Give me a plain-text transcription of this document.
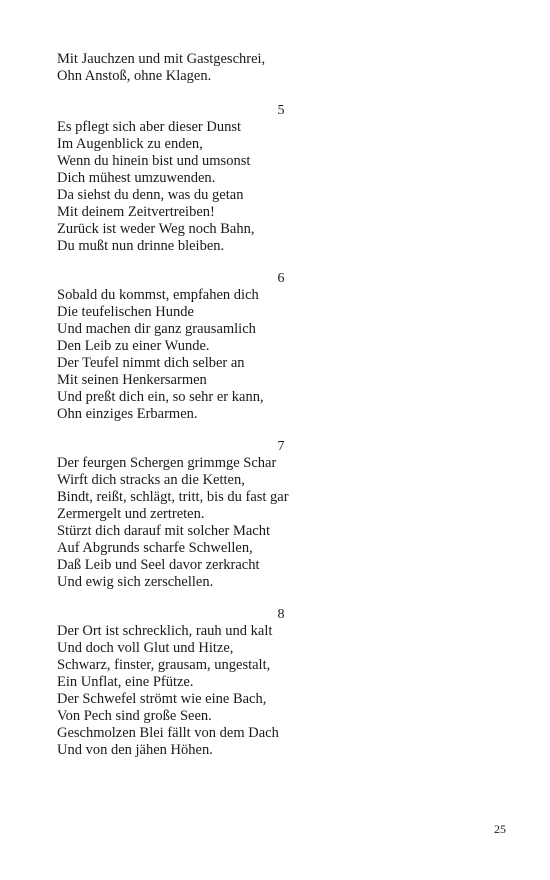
Mit Jauchzen und mit Gastgeschrei,
Ohn Anstoß, ohne Klagen.
5
Es pflegt sich aber dieser Dunst
Im Augenblick zu enden,
Wenn du hinein bist und umsonst
Dich mühest umzuwenden.
Da siehst du denn, was du getan
Mit deinem Zeitvertreiben!
Zurück ist weder Weg noch Bahn,
Du mußt nun drinne bleiben.
6
Sobald du kommst, empfahen dich
Die teufelischen Hunde
Und machen dir ganz grausamlich
Den Leib zu einer Wunde.
Der Teufel nimmt dich selber an
Mit seinen Henkersarmen
Und preßt dich ein, so sehr er kann,
Ohn einziges Erbarmen.
7
Der feurgen Schergen grimmge Schar
Wirft dich stracks an die Ketten,
Bindt, reißt, schlägt, tritt, bis du fast gar
Zermergelt und zertreten.
Stürzt dich darauf mit solcher Macht
Auf Abgrunds scharfe Schwellen,
Daß Leib und Seel davor zerkracht
Und ewig sich zerschellen.
8
Der Ort ist schrecklich, rauh und kalt
Und doch voll Glut und Hitze,
Schwarz, finster, grausam, ungestalt,
Ein Unflat, eine Pfütze.
Der Schwefel strömt wie eine Bach,
Von Pech sind große Seen.
Geschmolzen Blei fällt von dem Dach
Und von den jähen Höhen.
25
